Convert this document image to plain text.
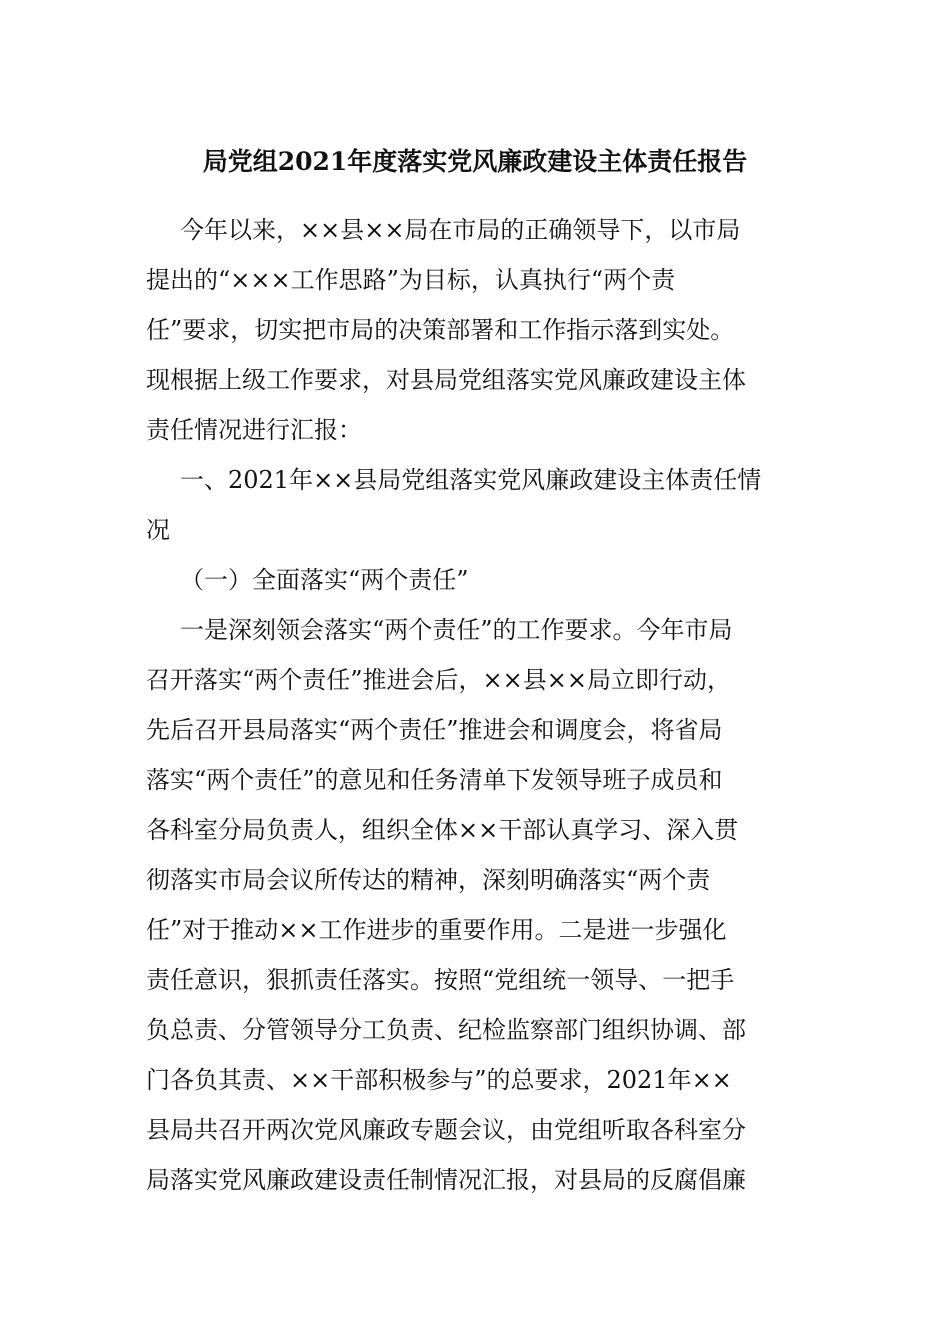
局党组2021年度落实党风廉政建设主体责任报告
今年以来，××县××局在市局的正确领导下，以市局
提出的“×××工作思路”为目标，认真执行“两个责
任”要求，切实把市局的决策部署和工作指示落到实处。
现根据上级工作要求，对县局党组落实党风廉政建设主体
责任情况进行汇报：
一、2021年××县局党组落实党风廉政建设主体责任情
况
（一）全面落实“两个责任”
一是深刻领会落实“两个责任”的工作要求。今年市局
召开落实“两个责任”推进会后，××县××局立即行动，
先后召开县局落实“两个责任”推进会和调度会，将省局
落实“两个责任”的意见和任务清单下发领导班子成员和
各科室分局负责人，组织全体××干部认真学习、深入贯
彻落实市局会议所传达的精神，深刻明确落实“两个责
任”对于推动××工作进步的重要作用。二是进一步强化
责任意识，狠抓责任落实。按照“党组统一领导、一把手
负总责、分管领导分工负责、纪检监察部门组织协调、部
门各负其责、××干部积极参与”的总要求，2021年××
县局共召开两次党风廉政专题会议，由党组听取各科室分
局落实党风廉政建设责任制情况汇报，对县局的反腐倡廉
